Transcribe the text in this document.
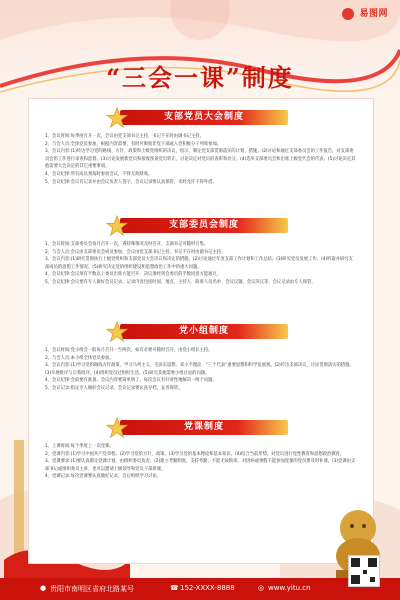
易图网
“三会一课”制度
支部党员大会制度

1、会议时间:每季度召开一次，会议由党支部书记主持，书记不在时由副书记主持。

2、与会人员:全体党员参加，根据内容需要，有时可吸收非党干部或入党积极分子列席参加。

3、会议内容:(1)传达学习党的路线、方针、政策和上级党组织的决议、指示，制定党支部贯彻落实的计划、措施。(2)讨论和通过支部委员会的工作报告，对支部委员会的工作进行审查和监督。(3)讨论发展新党员和接收预备党员转正，讨论决定对党员的表彰和处分。(4)选举支部委员会和出席上级党代会的代表。(5)讨论决定其他需要大会决定的其它重要事项。

4、会议纪律:所有成员须按时参加会议，不得无故缺席。

5、会议纪律:会议有记录并由会议负责人签字，会议记录要认真保管，未经允许不得外借。

支部委员会制度

1、会议时间:支部委员会每月召开一次，遇特殊情况及时召开，支部书记可随时召集。

2、与会人员:会议由支部委员会成员参加，会议由党支部书记主持，书记不在时由副书记主持。

3、会议内容:(1)研究贯彻执行上级党组织和支部党员大会决议和决定的措施。(2)讨论通过年度支部工作计划和工作总结。(3)研究党员发展工作。(4)听取并研究支部成员的思想工作情况。(5)研究决定党的组织建设和思想政治工作中的重大问题。

4、会议纪律:会议须有半数以上委员出席方能召开，决议须经到会委员的半数同意方能通过。

5、会议纪律:会议要有专人做好会议记录，记录内容包括时间、地点、主持人、缺席人员名单、会议议题、会议决议等，会议记录由专人保管。

党小组制度

1、会议时间:党小组会一般每月召开一至两次，如有必要可随时召开，由党小组长主持。

2、与会人员:本小组全体党员参加。

3、会议内容:(1)学习党的路线方针政策，学习马列主义、毛泽东思想、邓小平理论、“三个代表”重要思想和科学发展观。(2)传达支部决议，讨论贯彻落实的措施。(3)开展批评与自我批评。(4)组织党员过组织生活。(5)研究其他需要小组讨论的问题。

4、会议纪律:会前要有准备，会议内容要简单明了，每次会议有针对性地解决一两个问题。

5、会议记录:指定专人做好会议记录，会议记录要认真存档，妥善保管。

党课制度

1、上课时间:每个季度上一次党课。

2、党课内容:(1)学习中国共产党章程。(2)学习党的方针、政策。(3)学习党的基本理论和基本知识。(4)结合当前形势，对党员进行党性教育和思想政治教育。

3、党课要求:(1)要认真制定党课计划，由组织委员负责。(2)建立考勤制度，支持考勤，不能无故缺席。对因病或事假不能参加党课的党员要及时补课。(3)党课由支部书记或组织委员主讲，也可以邀请上级领导和党员干部讲课。

4、党课记录:每次党课要认真做好记录，会后组织学习讨论。

● 贵阳市南明区省府北路某号	☎ 152-XXXX-8888	◎ www.yitu.cn
